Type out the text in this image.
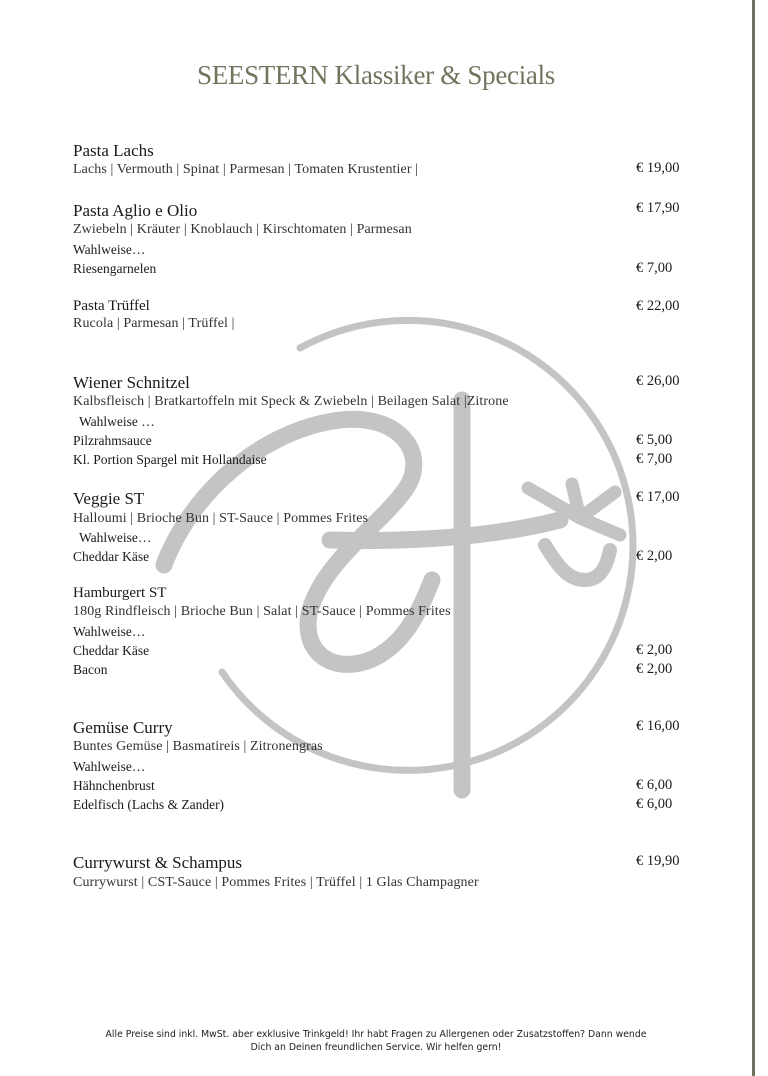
SEESTERN Klassiker & Specials
Pasta Lachs
Lachs | Vermouth | Spinat | Parmesan | Tomaten Krustentier |	€ 19,00
Pasta Aglio e Olio	€ 17,90
Zwiebeln | Kräuter | Knoblauch | Kirschtomaten | Parmesan
Wahlweise…
Riesengarnelen	€ 7,00
Pasta Trüffel	€ 22,00
Rucola | Parmesan | Trüffel |
Wiener Schnitzel	€ 26,00
Kalbsfleisch | Bratkartoffeln mit Speck & Zwiebeln | Beilagen Salat |Zitrone
Wahlweise …
Pilzrahmsauce	€ 5,00
Kl. Portion Spargel mit Hollandaise	€ 7,00
Veggie ST	€ 17,00
Halloumi | Brioche Bun | ST-Sauce | Pommes Frites
Wahlweise…
Cheddar Käse	€ 2,00
Hamburgert ST
180g Rindfleisch | Brioche Bun | Salat | ST-Sauce | Pommes Frites
Wahlweise…
Cheddar Käse	€ 2,00
Bacon	€ 2,00
Gemüse Curry	€ 16,00
Buntes Gemüse | Basmatireis | Zitronengras
Wahlweise…
Hähnchenbrust	€ 6,00
Edelfisch (Lachs & Zander)	€ 6,00
Currywurst & Schampus	€ 19,90
Currywurst | CST-Sauce | Pommes Frites | Trüffel | 1 Glas Champagner
Alle Preise sind inkl. MwSt. aber exklusive Trinkgeld! Ihr habt Fragen zu Allergenen oder Zusatzstoffen? Dann wende
Dich an Deinen freundlichen Service. Wir helfen gern!
